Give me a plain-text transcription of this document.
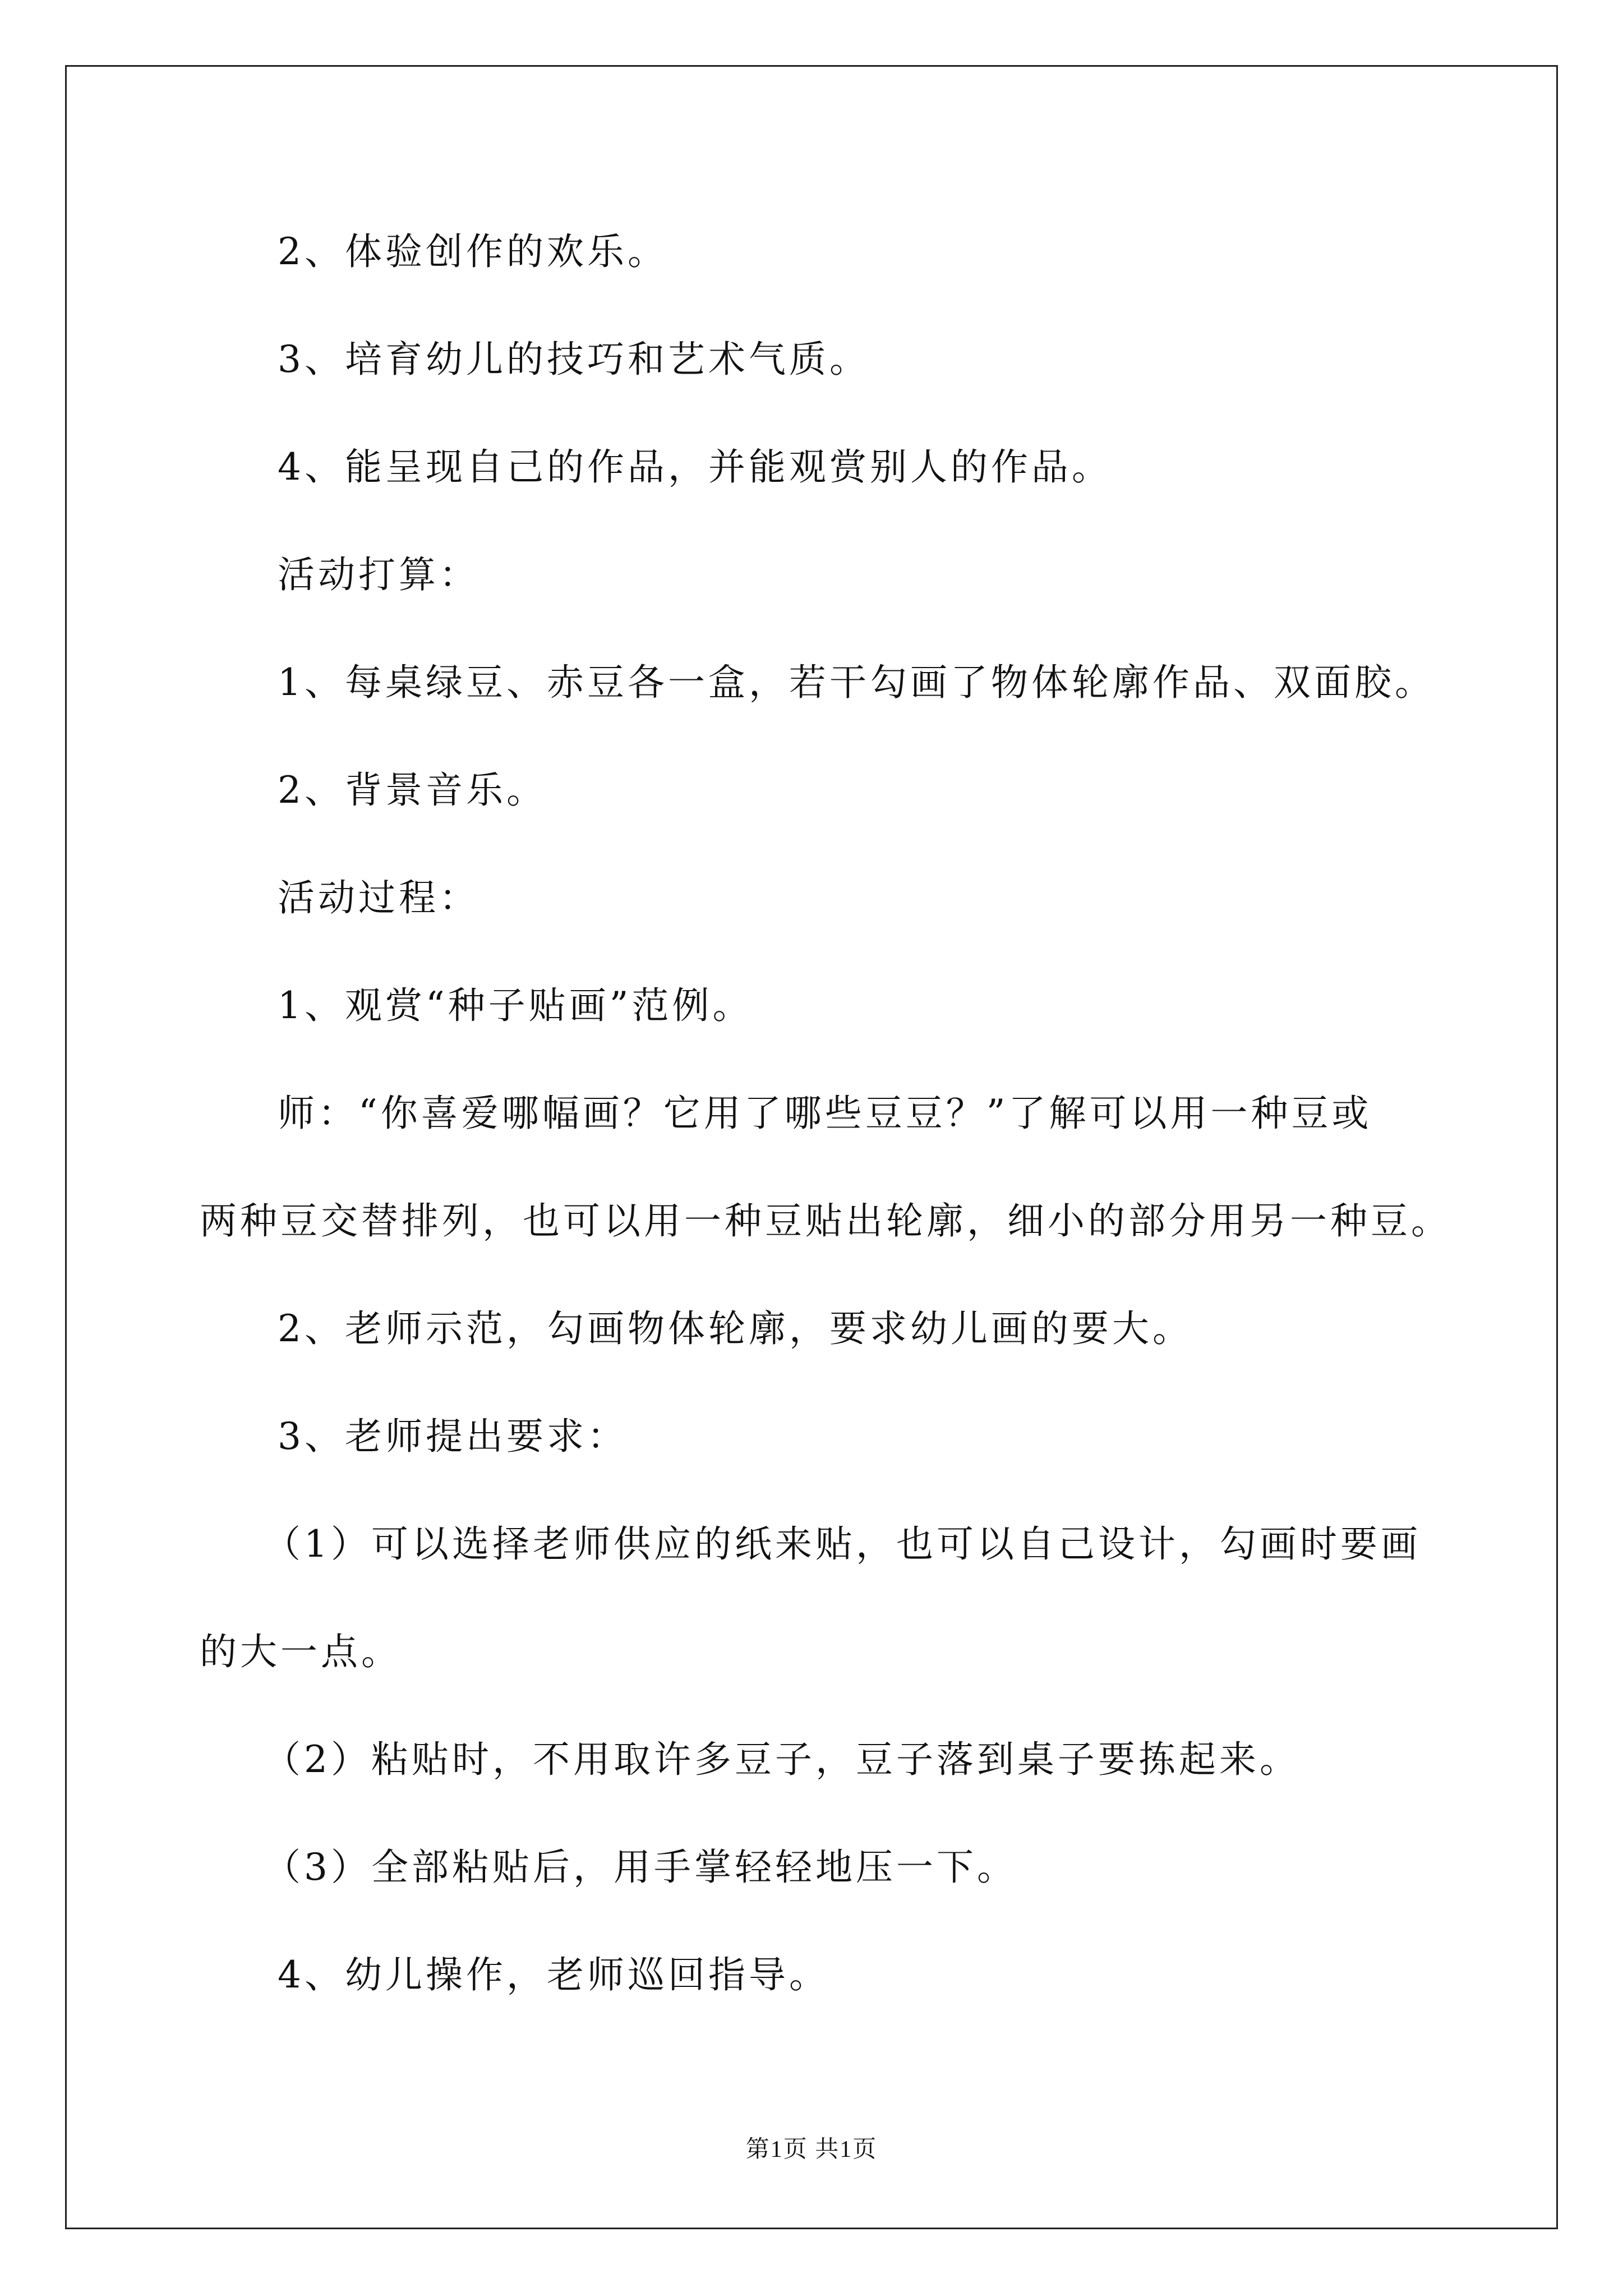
2、体验创作的欢乐。
3、培育幼儿的技巧和艺术气质。
4、能呈现自己的作品，并能观赏别人的作品。
活动打算：
1、每桌绿豆、赤豆各一盒，若干勾画了物体轮廓作品、双面胶。
2、背景音乐。
活动过程：
1、观赏“种子贴画”范例。
师：“你喜爱哪幅画？它用了哪些豆豆？”了解可以用一种豆或
两种豆交替排列，也可以用一种豆贴出轮廓，细小的部分用另一种豆。
2、老师示范，勾画物体轮廓，要求幼儿画的要大。
3、老师提出要求：
（1）可以选择老师供应的纸来贴，也可以自己设计，勾画时要画
的大一点。
（2）粘贴时，不用取许多豆子，豆子落到桌子要拣起来。
（3）全部粘贴后，用手掌轻轻地压一下。
4、幼儿操作，老师巡回指导。
第1页 共1页
